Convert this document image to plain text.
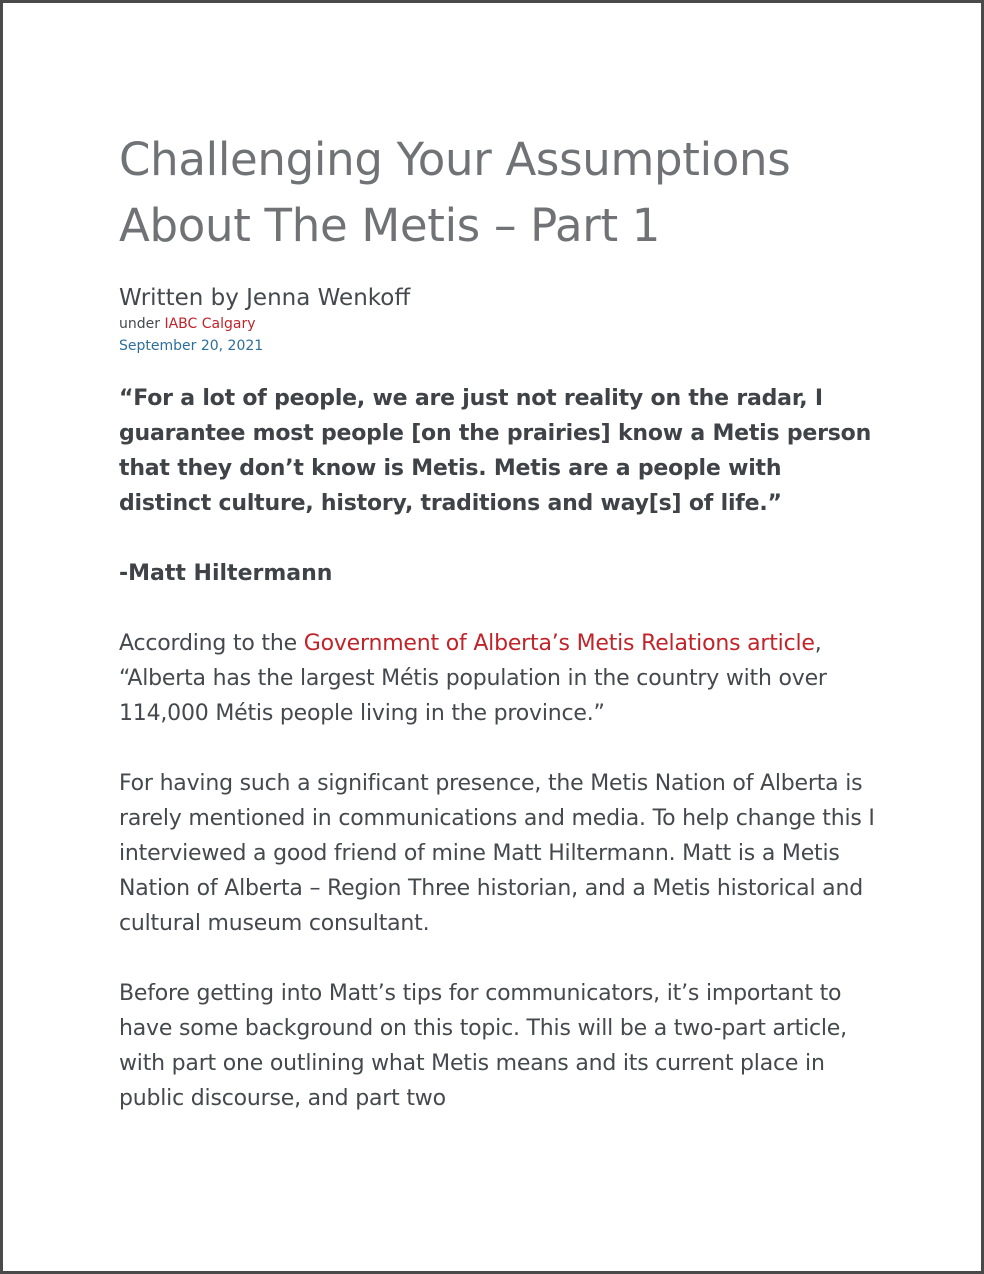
Challenging Your Assumptions About The Metis – Part 1
Written by Jenna Wenkoff
under IABC Calgary
September 20, 2021

“For a lot of people, we are just not reality on the radar, I guarantee most people [on the prairies] know a Metis person that they don’t know is Metis. Metis are a people with distinct culture, history, traditions and way[s] of life.”

-Matt Hiltermann

According to the Government of Alberta’s Metis Relations article, “Alberta has the largest Métis population in the country with over 114,000 Métis people living in the province.”

For having such a significant presence, the Metis Nation of Alberta is rarely mentioned in communications and media. To help change this I interviewed a good friend of mine Matt Hiltermann. Matt is a Metis Nation of Alberta – Region Three historian, and a Metis historical and cultural museum consultant.

Before getting into Matt’s tips for communicators, it’s important to have some background on this topic. This will be a two-part article, with part one outlining what Metis means and its current place in public discourse, and part two
